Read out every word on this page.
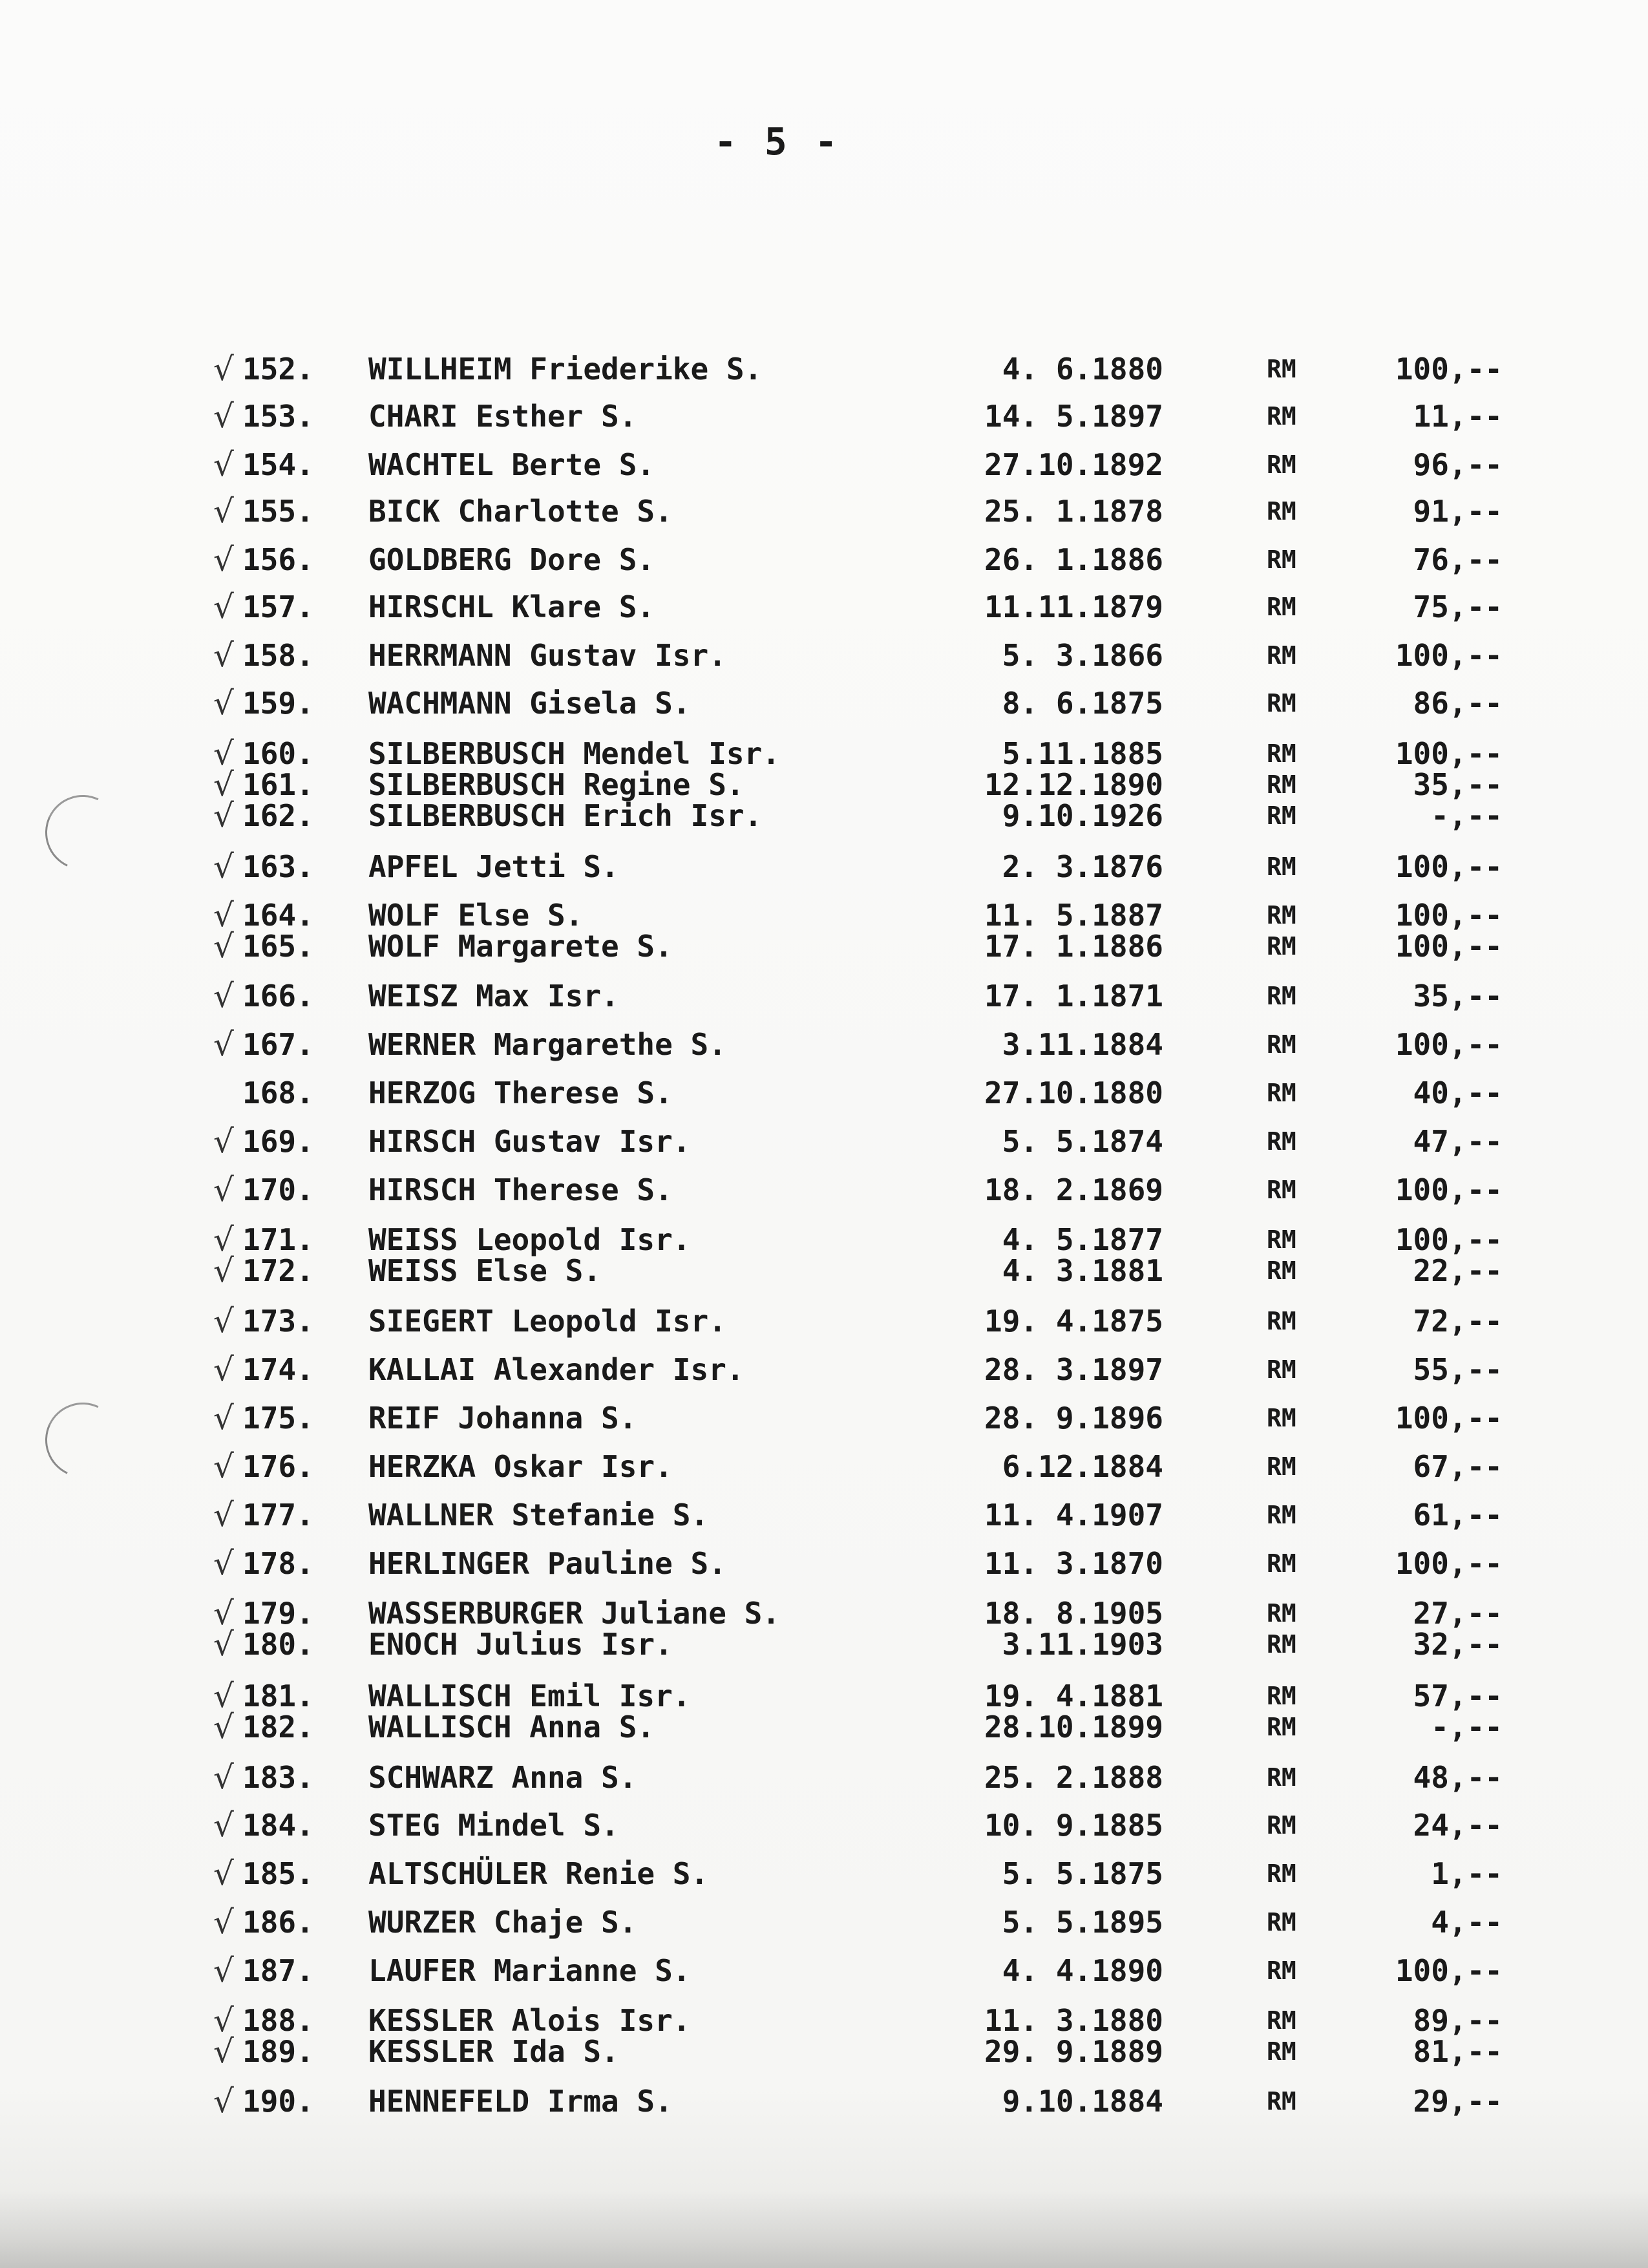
- 5 -
√ 152. WILLHEIM Friederike S.	4. 6.1880	RM	100,--
√ 153. CHARI Esther S.	14. 5.1897	RM	11,--
√ 154. WACHTEL Berte S.	27.10.1892	RM	96,--
√ 155. BICK Charlotte S.	25. 1.1878	RM	91,--
√ 156. GOLDBERG Dore S.	26. 1.1886	RM	76,--
√ 157. HIRSCHL Klare S.	11.11.1879	RM	75,--
√ 158. HERRMANN Gustav Isr.	5. 3.1866	RM	100,--
√ 159. WACHMANN Gisela S.	8. 6.1875	RM	86,--
√ 160. SILBERBUSCH Mendel Isr.	5.11.1885	RM	100,--
√ 161. SILBERBUSCH Regine S.	12.12.1890	RM	35,--
√ 162. SILBERBUSCH Erich Isr.	9.10.1926	RM	-,--
√ 163. APFEL Jetti S.	2. 3.1876	RM	100,--
√ 164. WOLF Else S.	11. 5.1887	RM	100,--
√ 165. WOLF Margarete S.	17. 1.1886	RM	100,--
√ 166. WEISZ Max Isr.	17. 1.1871	RM	35,--
√ 167. WERNER Margarethe S.	3.11.1884	RM	100,--
168. HERZOG Therese S.	27.10.1880	RM	40,--
√ 169. HIRSCH Gustav Isr.	5. 5.1874	RM	47,--
√ 170. HIRSCH Therese S.	18. 2.1869	RM	100,--
√ 171. WEISS Leopold Isr.	4. 5.1877	RM	100,--
√ 172. WEISS Else S.	4. 3.1881	RM	22,--
√ 173. SIEGERT Leopold Isr.	19. 4.1875	RM	72,--
√ 174. KALLAI Alexander Isr.	28. 3.1897	RM	55,--
√ 175. REIF Johanna S.	28. 9.1896	RM	100,--
√ 176. HERZKA Oskar Isr.	6.12.1884	RM	67,--
√ 177. WALLNER Stefanie S.	11. 4.1907	RM	61,--
√ 178. HERLINGER Pauline S.	11. 3.1870	RM	100,--
√ 179. WASSERBURGER Juliane S.	18. 8.1905	RM	27,--
√ 180. ENOCH Julius Isr.	3.11.1903	RM	32,--
√ 181. WALLISCH Emil Isr.	19. 4.1881	RM	57,--
√ 182. WALLISCH Anna S.	28.10.1899	RM	-,--
√ 183. SCHWARZ Anna S.	25. 2.1888	RM	48,--
√ 184. STEG Mindel S.	10. 9.1885	RM	24,--
√ 185. ALTSCHÜLER Renie S.	5. 5.1875	RM	1,--
√ 186. WURZER Chaje S.	5. 5.1895	RM	4,--
√ 187. LAUFER Marianne S.	4. 4.1890	RM	100,--
√ 188. KESSLER Alois Isr.	11. 3.1880	RM	89,--
√ 189. KESSLER Ida S.	29. 9.1889	RM	81,--
√ 190. HENNEFELD Irma S.	9.10.1884	RM	29,--
